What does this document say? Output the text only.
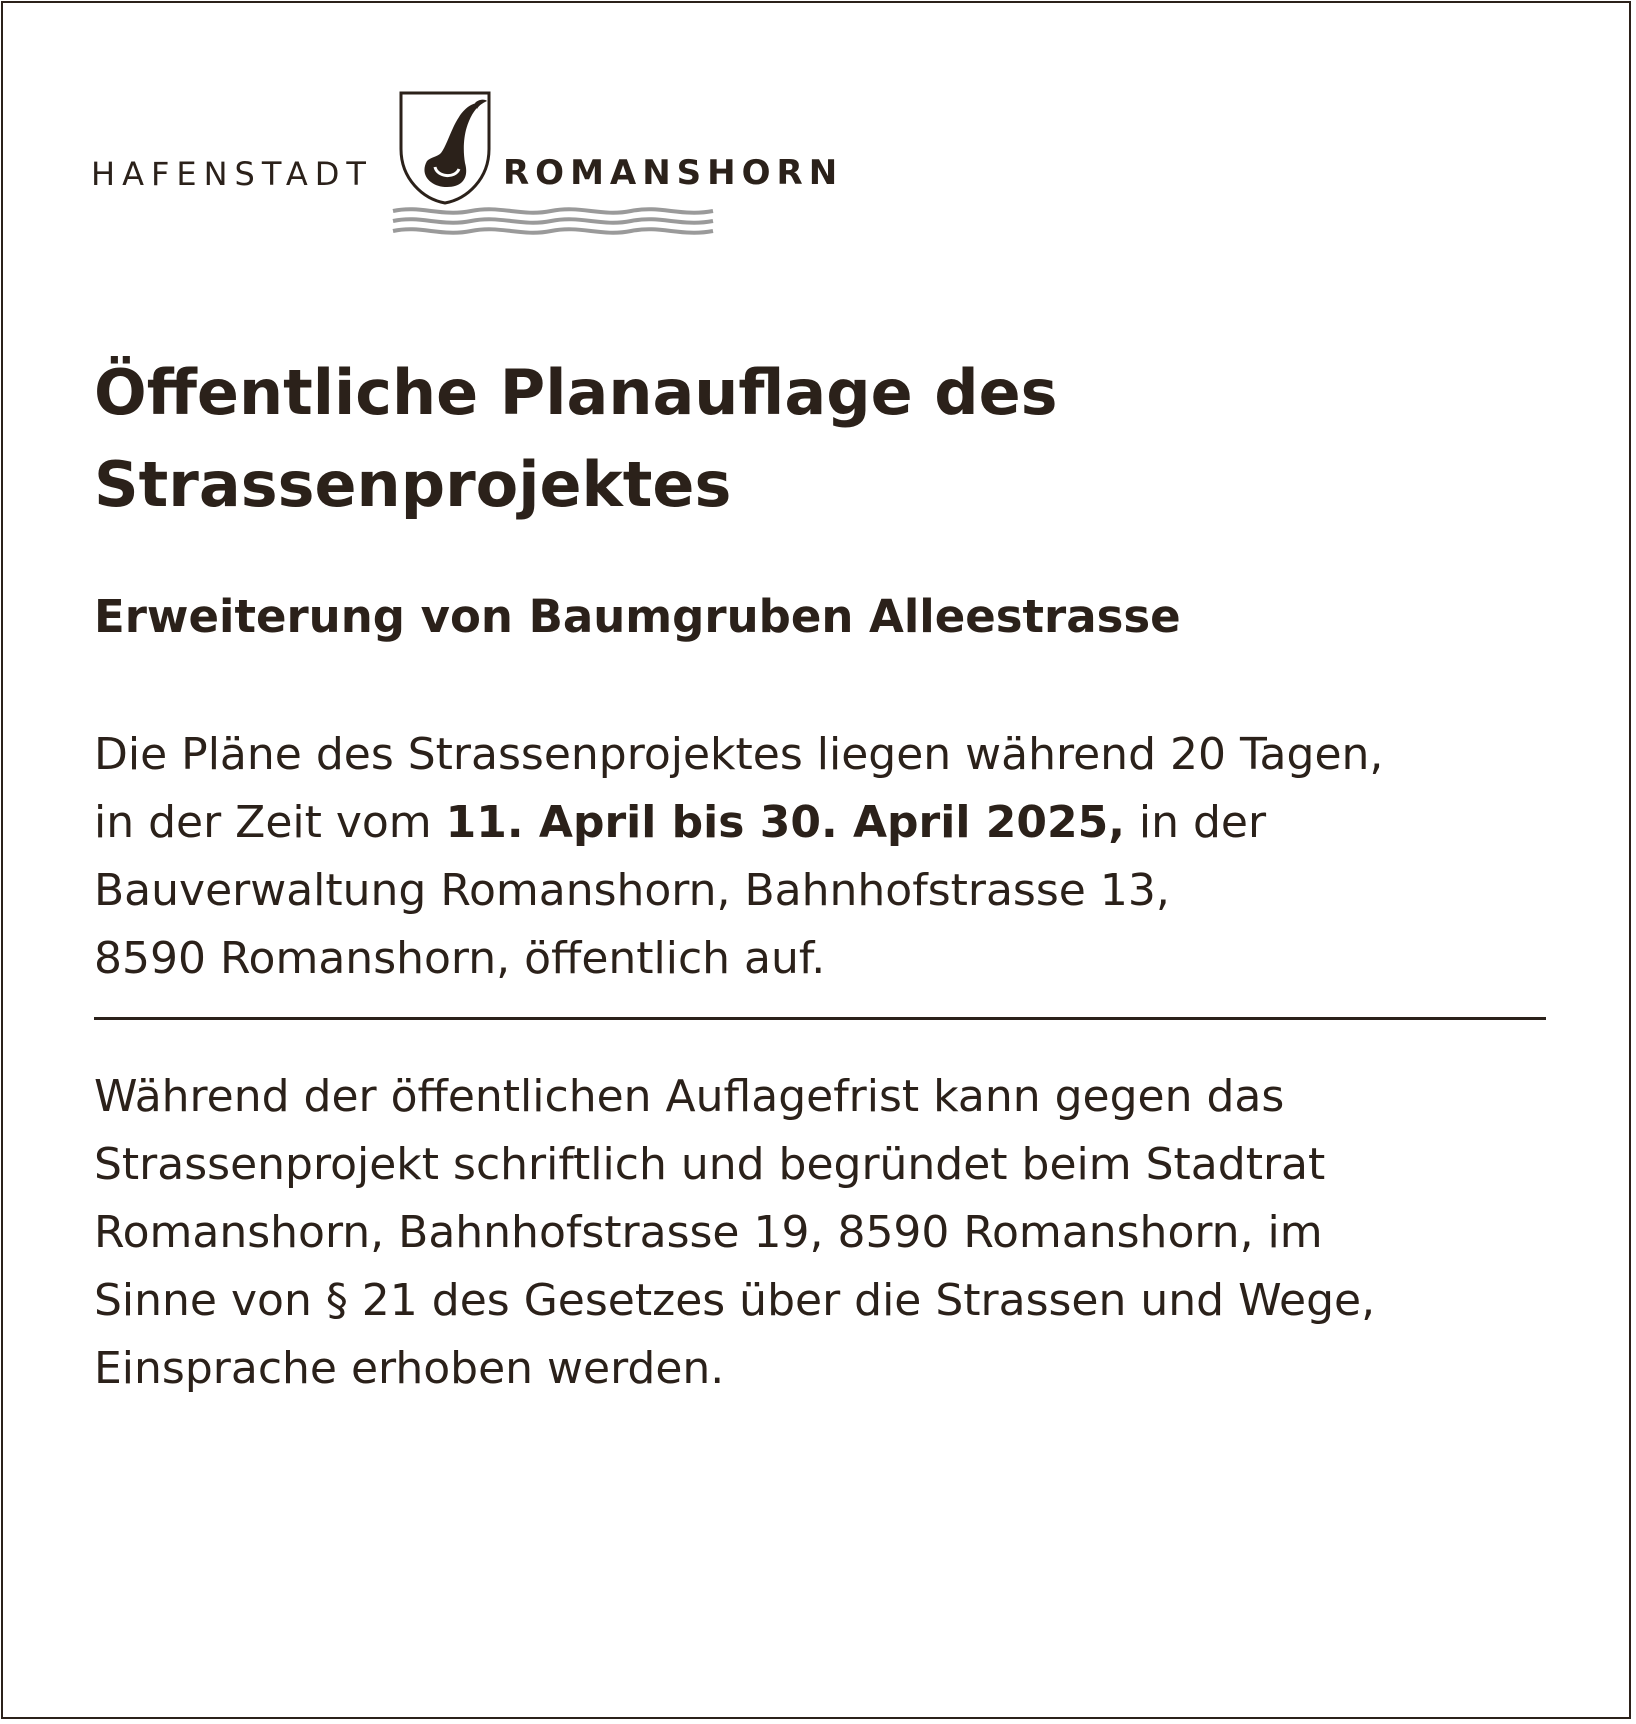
HAFENSTADT	ROMANSHORN
Öffentliche Planauflage des
Strassenprojektes
Erweiterung von Baumgruben Alleestrasse

Die Pläne des Strassenprojektes liegen während 20 Tagen,
in der Zeit vom 11. April bis 30. April 2025, in der
Bauverwaltung Romanshorn, Bahnhofstrasse 13,
8590 Romanshorn, öffentlich auf.

Während der öffentlichen Auflagefrist kann gegen das
Strassenprojekt schriftlich und begründet beim Stadtrat
Romanshorn, Bahnhofstrasse 19, 8590 Romanshorn, im
Sinne von § 21 des Gesetzes über die Strassen und Wege,
Einsprache erhoben werden.
